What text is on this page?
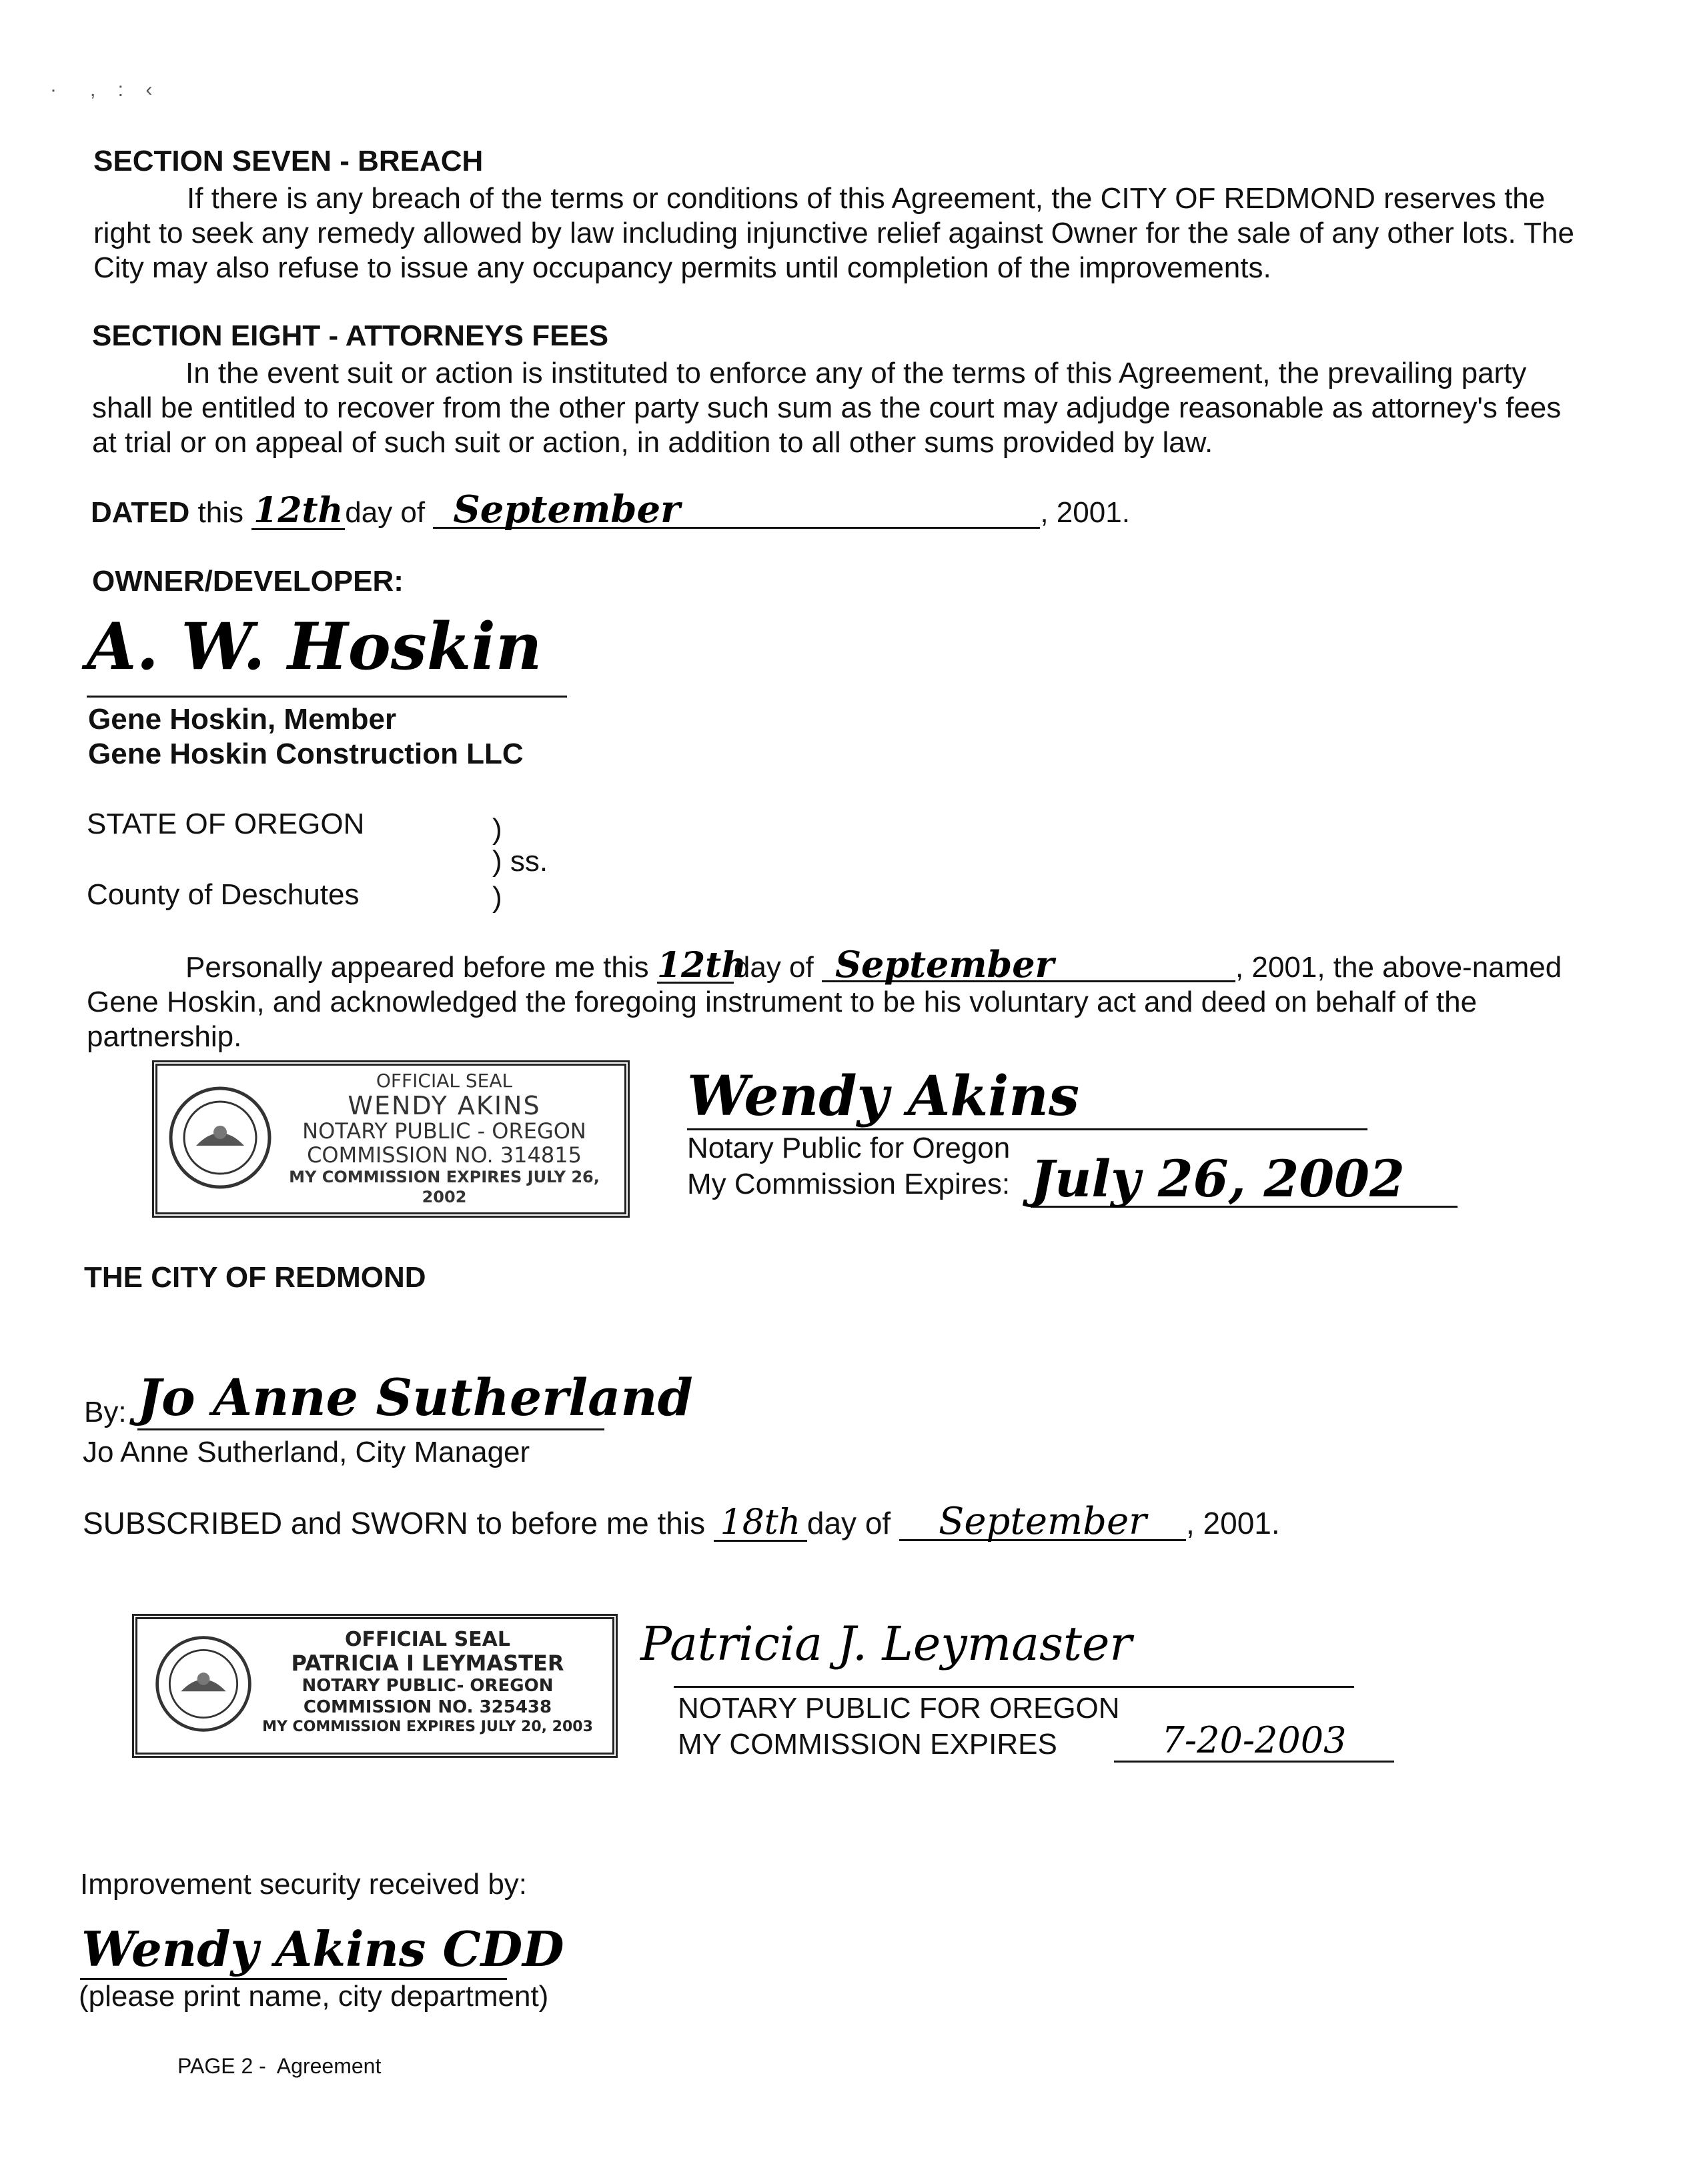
·      ,    :    ‹
SECTION SEVEN - BREACH
If there is any breach of the terms or conditions of this Agreement, the CITY OF REDMOND reserves the right to seek any remedy allowed by law including injunctive relief against Owner for the sale of any other lots. The City may also refuse to issue any occupancy permits until completion of the improvements.
SECTION EIGHT - ATTORNEYS FEES
In the event suit or action is instituted to enforce any of the terms of this Agreement, the prevailing party shall be entitled to recover from the other party such sum as the court may adjudge reasonable as attorney's fees at trial or on appeal of such suit or action, in addition to all other sums provided by law.
DATED this 12thday of September	, 2001.
OWNER/DEVELOPER:
A. W. Hoskin
Gene Hoskin, Member
Gene Hoskin Construction LLC
STATE OF OREGON	)
) ss.
County of Deschutes	)
Personally appeared before me this 12thday of September	, 2001, the above-named Gene Hoskin, and acknowledged the foregoing instrument to be his voluntary act and deed on behalf of the partnership.
OFFICIAL SEAL
WENDY AKINS
NOTARY PUBLIC - OREGON
COMMISSION NO. 314815
MY COMMISSION EXPIRES JULY 26, 2002
Wendy Akins
Notary Public for Oregon
My Commission Expires: July 26, 2002
THE CITY OF REDMOND
By: Jo Anne Sutherland
Jo Anne Sutherland, City Manager
SUBSCRIBED and SWORN to before me this 18th day of September , 2001.
OFFICIAL SEAL
PATRICIA I LEYMASTER
NOTARY PUBLIC- OREGON
COMMISSION NO. 325438
MY COMMISSION EXPIRES JULY 20, 2003
Patricia J. Leymaster
NOTARY PUBLIC FOR OREGON
MY COMMISSION EXPIRES	7-20-2003
Improvement security received by:
Wendy Akins CDD
(please print name, city department)
PAGE 2 -  Agreement
